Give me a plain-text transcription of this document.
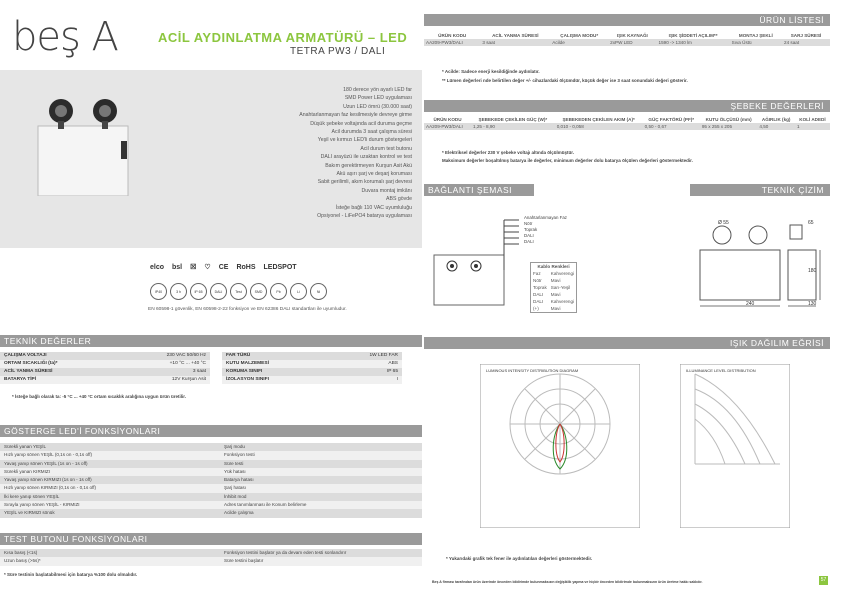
beş A	ACİL AYDINLATMA ARMATÜRÜ – LED
TETRA PW3 / DALI
180 derece yön ayarlı LED far
SMD Power LED uygulaması
Uzun LED ömrü (30.000 saat)
Anahtarlanmayan faz kesilmesiyle devreye girme
Düşük şebeke voltajında acil duruma geçme
Acil durumda 3 saat çalışma süresi
Yeşil ve kırmızı LED'li durum göstergeleri
Acil durum test butonu
DALI arayüzü ile uzaktan kontrol ve test
Bakım gerektirmeyen Kurşun Asit Akü
Akü aşırı şarj ve deşarj koruması
Sabit gerilimli, akım korumalı şarj devresi
Duvara montaj imkânı
ABS gövde
İsteğe bağlı 110 VAC uyumluluğu
Opsiyonel - LiFePO4 batarya uygulaması
elco bsl ☒ ♡ CE RoHS LEDSPOT
IP40	3 h	IP 65	DALI	Test	SMD	Pb	Li	Ni
EN 60598-1 gövenlik, EN 60598-2-22 fonksiyon ve EN 62386 DALI standartları ile uyumludur.
ÜRÜN LİSTESİ
ÜRÜN KODU	ACİL YANMA SÜRESİ	ÇALIŞMA MODU*	IŞIK KAYNAĞI	IŞIK ŞİDDETİ AÇILIM**	MONTAJ ŞEKLİ	SARJ SÜRESİ
AA209-PW3/DALI	3 saat	Acilde	2xPW LED	1590 -> 1340 lm	Sıva Üstü	24 saat
* Acilde: Sadece enerji kesildiğinde aydınlatır.
** Lümen değerleri nde belirtilen değer +/- cihazlardaki ölçümdür, küçük değer ise 3 saat sonundaki değeri gösterir.
ŞEBEKE DEĞERLERİ
ÜRÜN KODU	ŞEBEKEDE ÇEKİLEN GÜÇ (W)*	ŞEBEKEDEN ÇEKİLEN AKIM (A)*	GÜÇ FAKTÖRÜ (PF)*	KUTU ÖLÇÜSÜ (mm)	AĞIRLIK (kg)	KOLİ ADEDİ
AA209-PW3/DALI	1,25 - 8,90	0,010 - 0,058	0,50 - 0,67	95 x 255 x 205	4,50	1
* Elektriksel değerler 230 V şebeke voltajı altında ölçülmüştür.
Maksimum değerler boşaltılmış batarya ile değerler, minimum değerler dolu batarya ölçülen değerleri göstermektedir.
BAĞLANTI ŞEMASI	TEKNİK ÇİZİM
Anahtarlanmayan Faz
Nötr
Toprak
DALI
DALI
Kablo Renkleri	
Faz	Kahverengi
Nötr	Mavi
Toprak	Sarı-Yeşil
DALI	Mavi
DALI	Kahverengi
(+)	Mavi
Ø 55	65
180
240	130
TEKNİK DEĞERLER
ÇALIŞMA VOLTAJI	230 VAC 50/60 Hz
ORTAM SICAKLIĞI (ta)*	+10 °C ... +40 °C
ACİL YANMA SÜRESİ	3 saat
BATARYA TİPİ	12V Kurşun Asit
FAR TÜRÜ	1W LED FAR
KUTU MALZEMESİ	ABS
KORUMA SINIFI	IP 65
İZOLASYON SINIFI	I
* İsteğe bağlı olarak ta: -5 °C ... +40 °C ortam sıcaklık aralığına uygun ürün üretilir.
GÖSTERGE LED'İ FONKSİYONLARI
Sürekli yanan YEŞİL	Şarj modu
Hızlı yanıp sönen YEŞİL (0,1s on - 0,1s off)	Fonksiyon testi
Yavaş yanıp sönen YEŞİL (1s on - 1s off)	Süre testi
Sürekli yanan KIRMIZI	Yük hatası
Yavaş yanıp sönen KIRMIZI (1s on - 1s off)	Batarya hatası
Hızlı yanıp sönen KIRMIZI (0,1s on - 0,1s off)	Şarj hatası
İki kere yanıp sönen YEŞİL	İnhibit mod
Sırayla yanıp sönen YEŞİL - KIRMIZI	Adres tanımlanması ile Konum belirleme
YEŞİL ve KIRMIZI sönük	Acilde çalışma
TEST BUTONU FONKSİYONLARI
Kısa basış (<1s)	Fonksiyon testini başlatır ya da devam eden testi sonlandırır
Uzun basış (>5s)*	Süre testini başlatır
* Süre testinin başlatabilmesi için batarya %100 dolu olmalıdır.
IŞIK DAĞILIM EĞRİSİ
LUMINOUS INTENSITY DISTRIBUTION DIAGRAM	ILLUMINANCE LEVEL DISTRIBUTION
* Yukarıdaki grafik tek fener ile aydınlatılan değerleri göstermektedir.
Beş A firması tarafından ürün üzerinde önceden bildirimde bulunmaksızın değişiklik yapma ve hiçbir önceden bildirimde bulunmaksızın ürün üretme hakkı saklıdır.	57
